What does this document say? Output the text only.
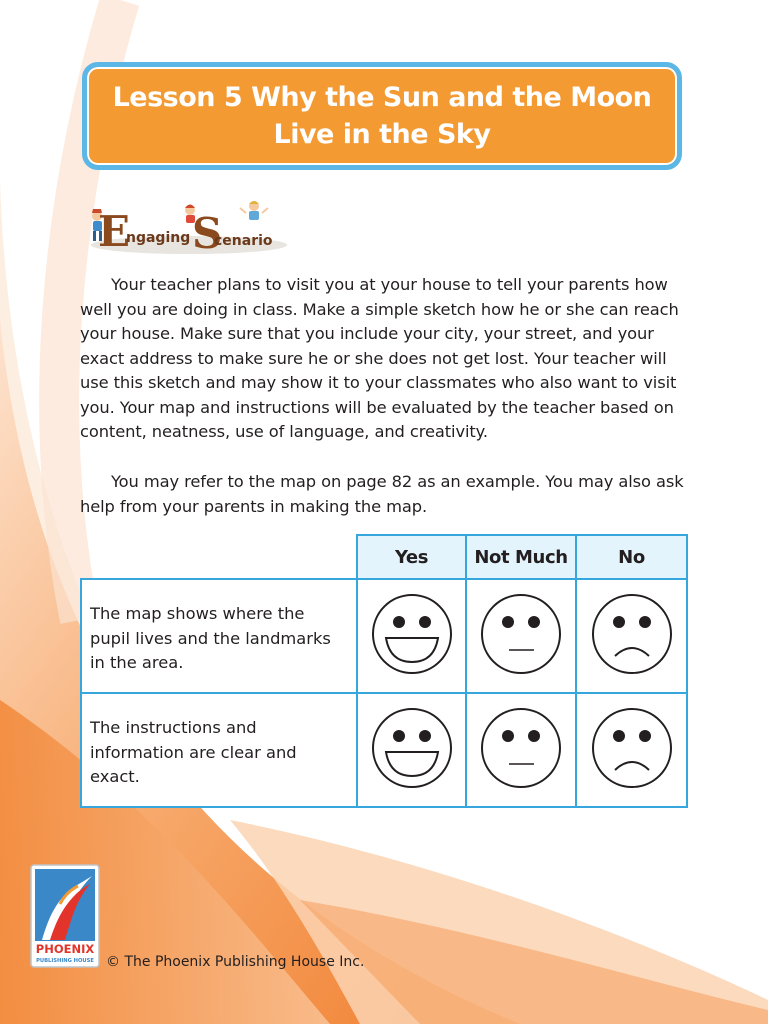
Lesson 5 Why the Sun and the Moon
Live in the Sky
E
ngaging S
cenario

Your teacher plans to visit you at your house to tell your parents how well you are doing in class. Make a simple sketch how he or she can reach your house. Make sure that you include your city, your street, and your exact address to make sure he or she does not get lost. Your teacher will use this sketch and may show it to your classmates who also want to visit you. Your map and instructions will be evaluated by the teacher based on content, neatness, use of language, and creativity.

You may refer to the map on page 82 as an example. You may also ask help from your parents in making the map.

	Yes	Not Much	No
The map shows where the pupil lives and the landmarks in the area.			
The instructions and information are clear and exact.			
PHOENIX
PUBLISHING HOUSE © The Phoenix Publishing House Inc.
